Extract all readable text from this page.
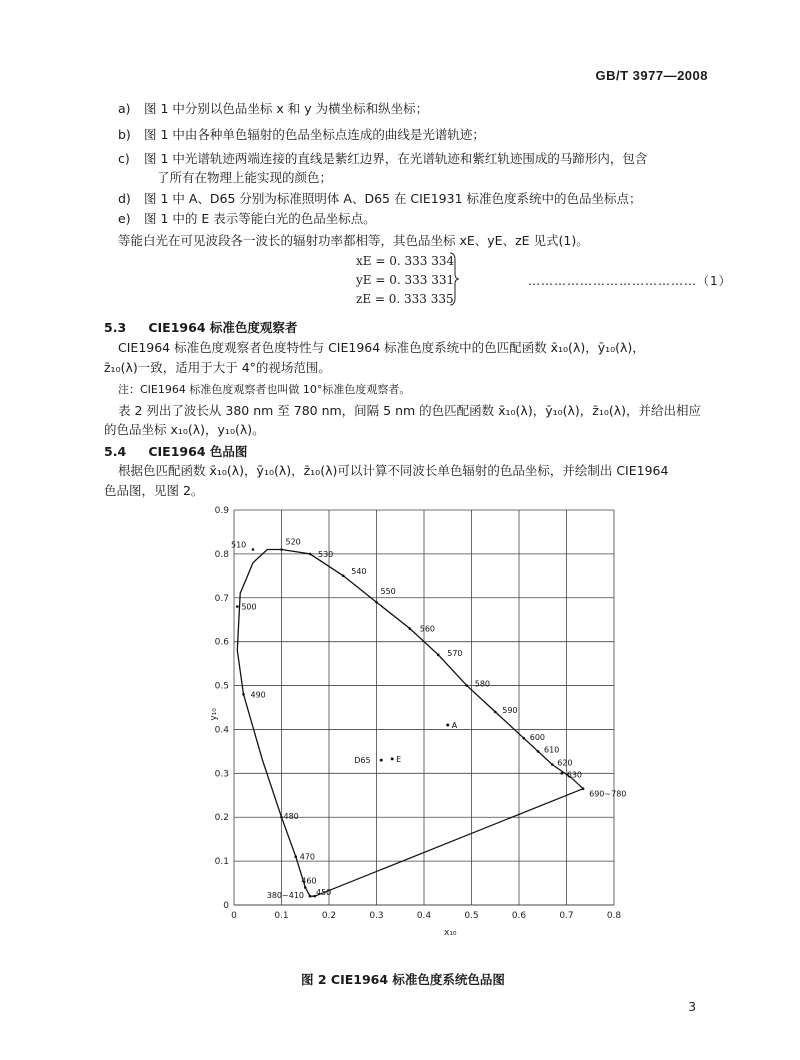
GB/T 3977—2008
a) 图 1 中分别以色品坐标 x 和 y 为横坐标和纵坐标；
b) 图 1 中由各种单色辐射的色品坐标点连成的曲线是光谱轨迹；
c) 图 1 中光谱轨迹两端连接的直线是紫红边界，在光谱轨迹和紫红轨迹围成的马蹄形内，包含
了所有在物理上能实现的颜色；
d) 图 1 中 A、D65 分别为标准照明体 A、D65 在 CIE1931 标准色度系统中的色品坐标点；
e) 图 1 中的 E 表示等能白光的色品坐标点。
等能白光在可见波段各一波长的辐射功率都相等，其色品坐标 xE、yE、zE 见式(1)。
xE = 0. 333 334
yE = 0. 333 331
zE = 0. 333 335
…………………………………（1）
5.3 CIE1964 标准色度观察者
CIE1964 标准色度观察者色度特性与 CIE1964 标准色度系统中的色匹配函数 x̄₁₀(λ)，ȳ₁₀(λ)，
z̄₁₀(λ)一致，适用于大于 4°的视场范围。
注：CIE1964 标准色度观察者也叫做 10°标准色度观察者。
表 2 列出了波长从 380 nm 至 780 nm，间隔 5 nm 的色匹配函数 x̄₁₀(λ)，ȳ₁₀(λ)，z̄₁₀(λ)，并给出相应
的色品坐标 x₁₀(λ)，y₁₀(λ)。
5.4 CIE1964 色品图
根据色匹配函数 x̄₁₀(λ)，ȳ₁₀(λ)，z̄₁₀(λ)可以计算不同波长单色辐射的色品坐标，并绘制出 CIE1964
色品图，见图 2。
0	0.1	0.2	0.3	0.4	0.5	0.6	0.7	0.8
0
0.1
0.2
0.3
0.4
0.5
0.6
0.7
0.8
0.9
x₁₀
y₁₀
380~410 450
460
470
480
490
500
510	520
530
540
550
560
570
580
590
600
610
620
630
690~780
A
D65	E
图 2 CIE1964 标准色度系统色品图
3
